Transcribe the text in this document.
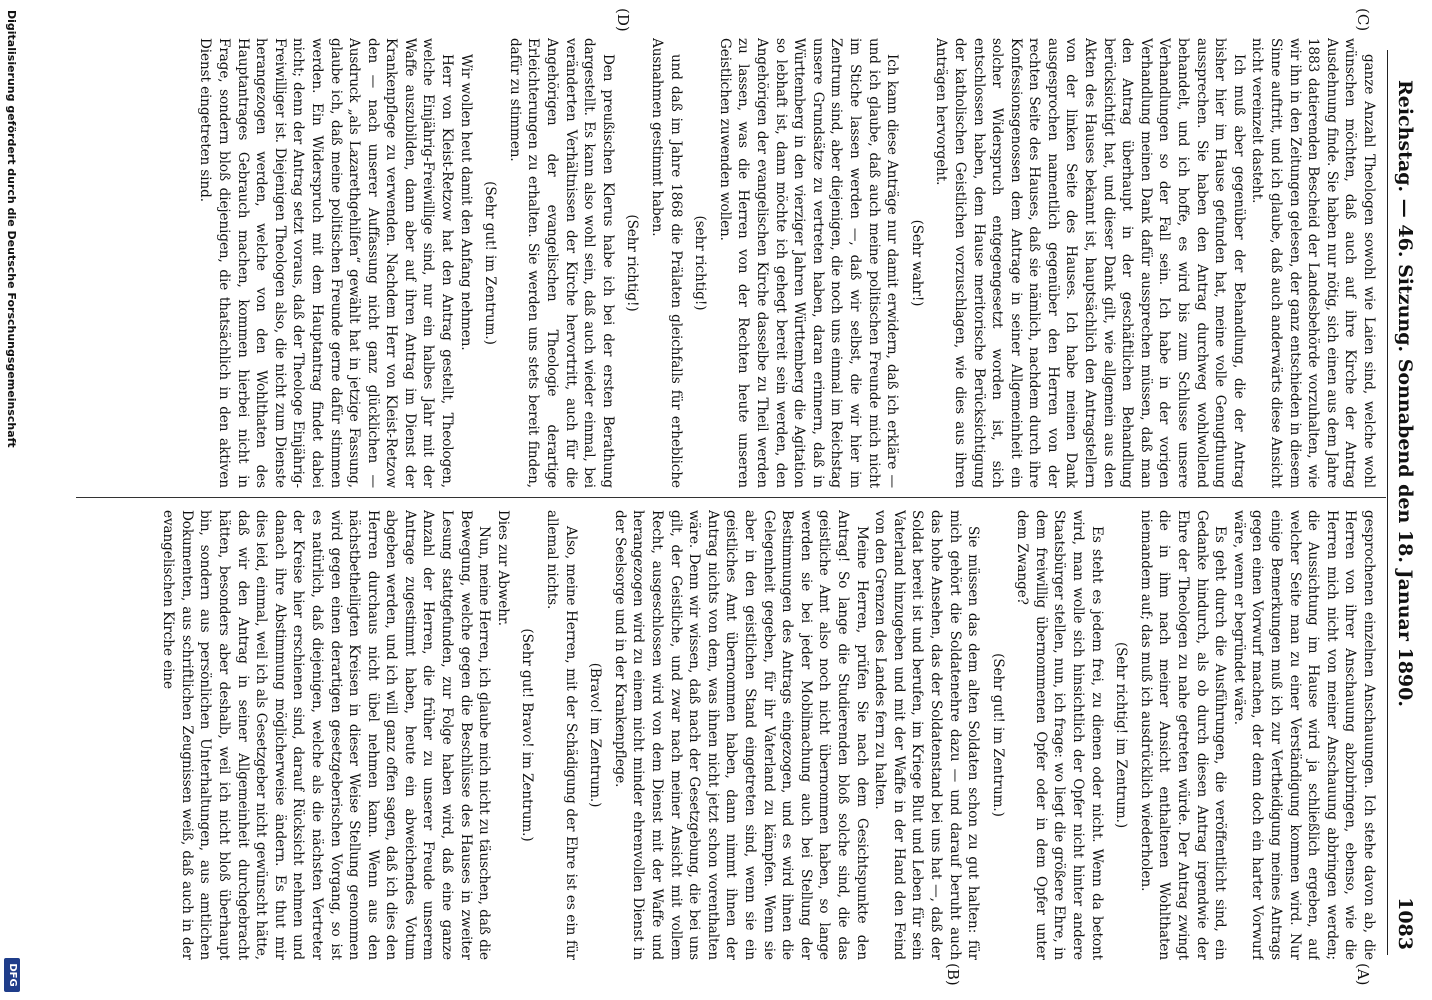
Reichstag. — 46. Sitzung. Sonnabend den 18. Januar 1890.
1083
(C)
(D)
(A)
(B)

ganze Anzahl Theologen sowohl wie Laien sind, welche wohl wünschen möchten, daß auch auf ihre Kirche der Antrag Ausdehnung finde. Sie haben nur nötig, sich einen aus dem Jahre 1883 datierenden Bescheid der Landesbehörde vorzuhalten, wie wir ihn in den Zeitungen gelesen, der ganz entschieden in diesem Sinne auftritt, und ich glaube, daß auch anderwärts diese Ansicht nicht vereinzelt dasteht.

Ich muß aber gegenüber der Behandlung, die der Antrag bisher hier im Hause gefunden hat, meine volle Genugthuung aussprechen. Sie haben den Antrag durchweg wohlwollend behandelt, und ich hoffe, es wird bis zum Schlusse unsere Verhandlungen so der Fall sein. Ich habe in der vorigen Verhandlung meinen Dank dafür aussprechen müssen, daß man den Antrag überhaupt in der geschäftlichen Behandlung berücksichtigt hat, und dieser Dank gilt, wie allgemein aus den Akten des Hauses bekannt ist, hauptsächlich den Antragstellern von der linken Seite des Hauses. Ich habe meinen Dank ausgesprochen namentlich gegenüber den Herren von der rechten Seite des Hauses, daß sie nämlich, nachdem durch ihre Konfessionsgenossen dem Antrage in seiner Allgemeinheit ein solcher Widerspruch entgegengesetzt worden ist, sich entschlossen haben, dem Hause meritorische Berücksichtigung der katholischen Geistlichen vorzuschlagen, wie dies aus ihren Anträgen hervorgeht.

(Sehr wahr!)

Ich kann diese Anträge nur damit erwidern, daß ich erkläre — und ich glaube, daß auch meine politischen Freunde mich nicht im Stiche lassen werden —, daß wir selbst, die wir hier im Zentrum sind, aber diejenigen, die noch uns einmal im Reichstag unsere Grundsätze zu vertreten haben, daran erinnern, daß in Württemberg in den vierziger Jahren Württemberg die Agitation so lebhaft ist, dann möchte ich gehegt bereit sein werden, den Angehörigen der evangelischen Kirche dasselbe zu Theil werden zu lassen, was die Herren von der Rechten heute unseren Geistlichen zuwenden wollen.

(sehr richtig!)

und daß im Jahre 1868 die Prälaten gleichfalls für erhebliche Ausnahmen gestimmt haben.

(Sehr richtig!)

Den preußischen Klerus habe ich bei der ersten Berathung dargestellt. Es kann also wohl sein, daß auch wieder einmal, bei veränderten Verhältnissen der Kirche hervortritt, auch für die Angehörigen der evangelischen Theologie derartige Erleichterungen zu erhalten. Sie werden uns stets bereit finden, dafür zu stimmen.

(Sehr gut! im Zentrum.)

Wir wollen heut damit den Anfang nehmen.

Herr von Kleist-Retzow hat den Antrag gestellt, Theologen, welche Einjährig-Freiwillige sind, nur ein halbes Jahr mit der Waffe auszubilden, dann aber auf ihren Antrag im Dienst der Krankenpflege zu verwenden. Nachdem Herr von Kleist-Retzow den — nach unserer Auffassung nicht ganz glücklichen — Ausdruck „als Lazarethgehilfen“ gewählt hat in jetzige Fassung, glaube ich, daß meine politischen Freunde gerne dafür stimmen werden. Ein Widerspruch mit dem Hauptantrag findet dabei nicht; denn der Antrag setzt voraus, daß der Theologe Einjährig-Freiwilliger ist. Diejenigen Theologen also, die nicht zum Dienste herangezogen werden, welche von den Wohlthaten des Hauptantrages Gebrauch machen, kommen hierbei nicht in Frage, sondern bloß diejenigen, die thatsächlich in den aktiven Dienst eingetreten sind.

gesprochenen einzelnen Anschauungen. Ich stehe davon ab, die Herren von ihrer Anschauung abzubringen, ebenso, wie die Herren mich nicht von meiner Anschauung abbringen werden; die Aussichtung im Hause wird ja schließlich ergeben, auf welcher Seite man zu einer Verständigung kommen wird. Nur einige Bemerkungen muß ich zur Vertheidigung meines Antrags gegen einen Vorwurf machen, der denn doch ein harter Vorwurf wäre, wenn er begründet wäre.

Es geht durch die Ausführungen, die veröffentlicht sind, ein Gedanke hindurch, als ob durch diesen Antrag irgendwie der Ehre der Theologen zu nahe getreten würde. Der Antrag zwingt die in ihm nach meiner Ansicht enthaltenen Wohlthaten niemandem auf; das muß ich ausdrücklich wiederholen.

(Sehr richtig! im Zentrum.)

Es steht es jedem frei, zu dienen oder nicht. Wenn da betont wird, man wolle sich hinsichtlich der Opfer nicht hinter andere Staatsbürger stellen, nun, ich frage: wo liegt die größere Ehre, in dem freiwillig übernommenen Opfer oder in dem Opfer unter dem Zwange?

(Sehr gut! im Zentrum.)

Sie müssen das dem alten Soldaten schon zu gut halten: für mich gehört die Soldatenehre dazu — und darauf beruht auch das hohe Ansehen, das der Soldatenstand bei uns hat —, daß der Soldat bereit ist und berufen, im Kriege Blut und Leben für sein Vaterland hinzugeben und mit der Waffe in der Hand den Feind von den Grenzen des Landes fern zu halten.

Meine Herren, prüfen Sie nach dem Gesichtspunkte den Antrag! So lange die Studierenden bloß solche sind, die das geistliche Amt also noch nicht übernommen haben, so lange werden sie bei jeder Mobilmachung auch bei Stellung der Bestimmungen des Antrags eingezogen, und es wird ihnen die Gelegenheit gegeben, für ihr Vaterland zu kämpfen. Wenn sie aber in den geistlichen Stand eingetreten sind, wenn sie ein geistliches Amt übernommen haben, dann nimmt ihnen der Antrag nichts von dem, was ihnen nicht jetzt schon vorenthalten wäre. Denn wir wissen, daß nach der Gesetzgebung, die bei uns gilt, der Geistliche, und zwar nach meiner Ansicht mit vollem Recht, ausgeschlossen wird von dem Dienst mit der Waffe und herangezogen wird zu einem nicht minder ehrenvollen Dienst in der Seelsorge und in der Krankenpflege.

(Bravo! im Zentrum.)

Also, meine Herren, mit der Schädigung der Ehre ist es ein für allemal nichts.

(Sehr gut! Bravo! im Zentrum.)

Dies zur Abwehr.

Nun, meine Herren, ich glaube mich nicht zu täuschen, daß die Bewegung, welche gegen die Beschlüsse des Hauses in zweiter Lesung stattgefunden, zur Folge haben wird, daß eine ganze Anzahl der Herren, die früher zu unserer Freude unserem Antrage zugestimmt haben, heute ein abweichendes Votum abgeben werden, und ich will ganz offen sagen, daß ich dies den Herren durchaus nicht übel nehmen kann. Wenn aus den nächstbetheiligten Kreisen in dieser Weise Stellung genommen wird gegen einen derartigen gesetzgeberischen Vorgang, so ist es natürlich, daß diejenigen, welche als die nächsten Vertreter der Kreise hier erschienen sind, darauf Rücksicht nehmen und danach ihre Abstimmung möglicherweise ändern. Es thut mir dies leid, einmal, weil ich als Gesetzgeber nicht gewünscht hätte, daß wir den Antrag in seiner Allgemeinheit durchgebracht hätten, besonders aber deshalb, weil ich nicht bloß überhaupt bin, sondern aus persönlichen Unterhaltungen, aus amtlichen Dokumenten, aus schriftlichen Zeugnissen weiß, daß auch in der evangelischen Kirche eine

Digitalisierung gefördert durch die Deutsche Forschungsgemeinschaft
DFG
